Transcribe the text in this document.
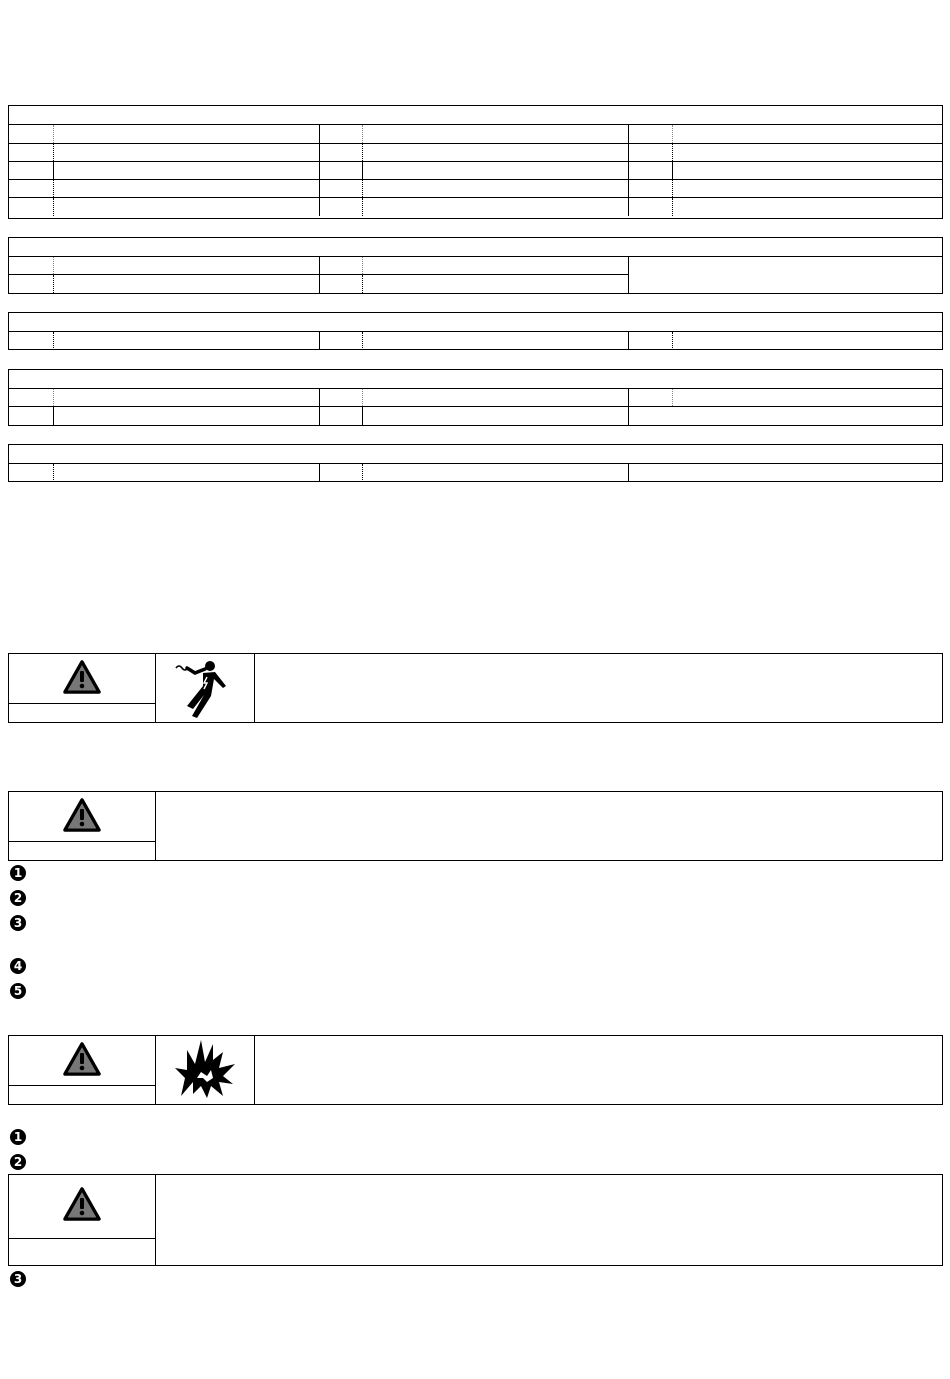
1
2
3
4
5
1
2
3
